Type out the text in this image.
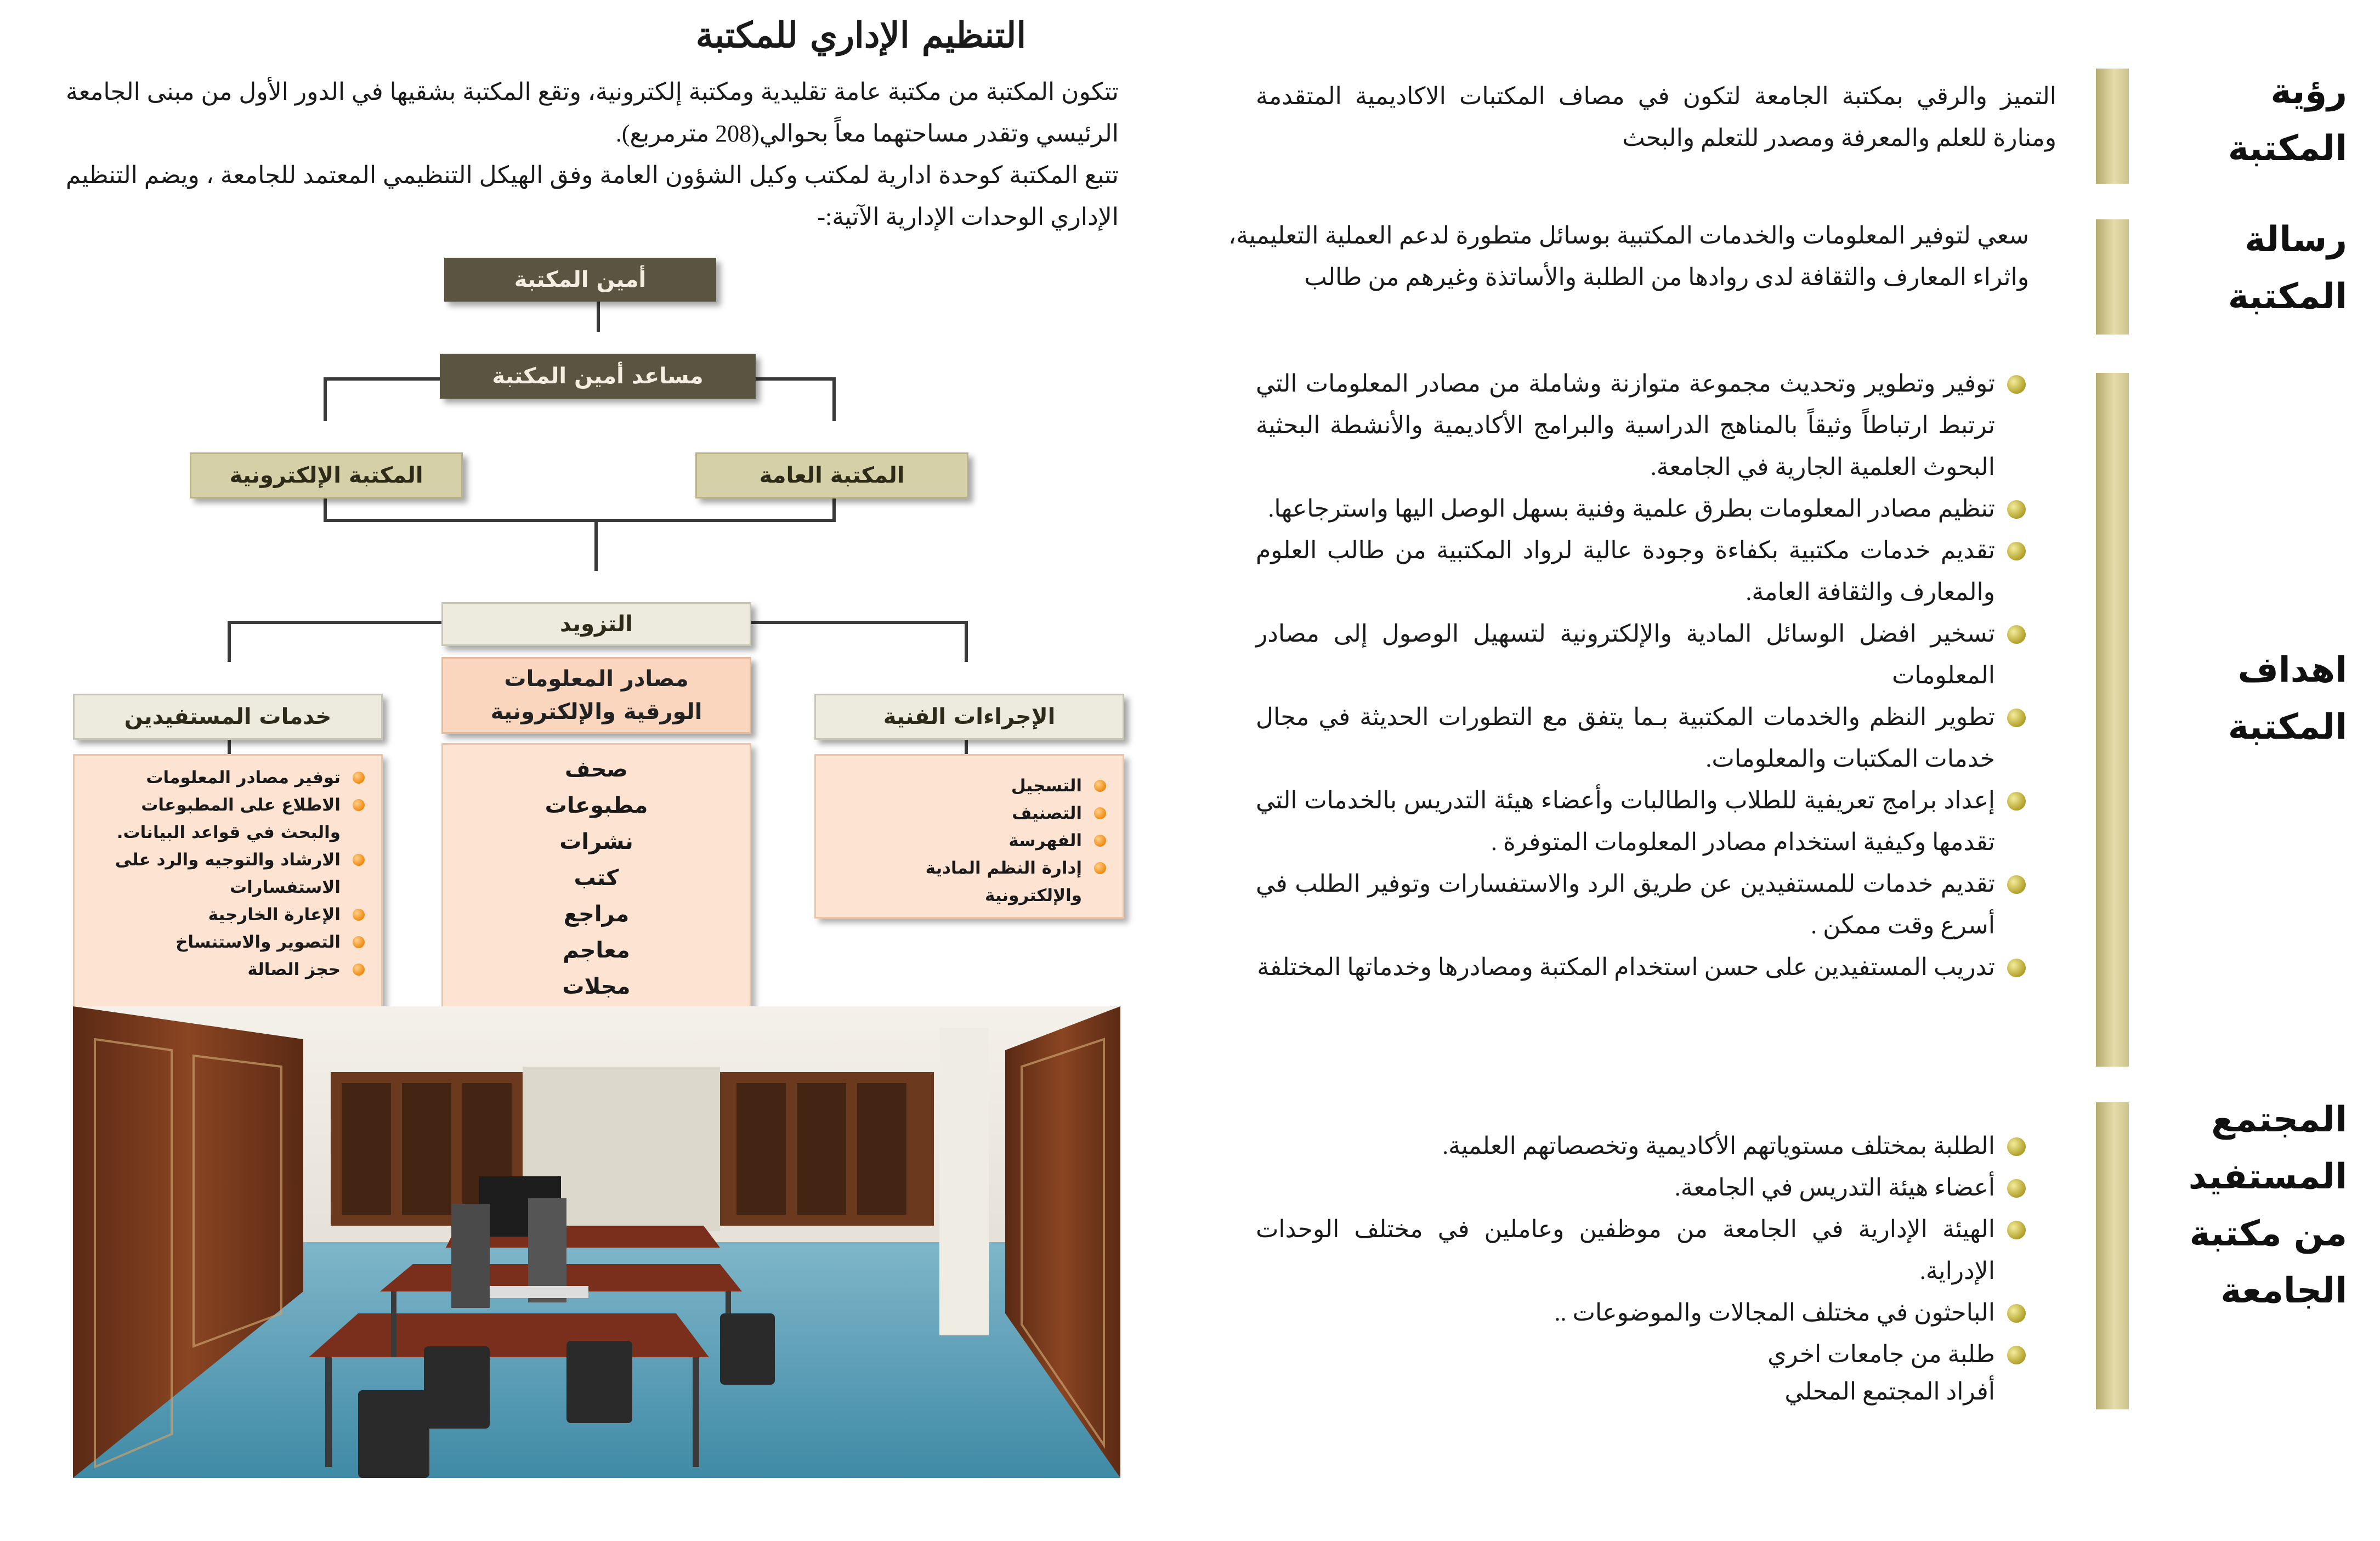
التنظيم الإداري للمكتبة

تتكون المكتبة من مكتبة عامة تقليدية ومكتبة إلكترونية، وتقع المكتبة بشقيها في الدور الأول من مبنى الجامعة الرئيسي وتقدر مساحتهما معاً بحوالي(208 مترمربع).

تتبع المكتبة كوحدة ادارية لمكتب وكيل الشؤون العامة وفق الهيكل التنظيمي المعتمد للجامعة ، ويضم التنظيم الإداري الوحدات الإدارية الآتية:-

أمين المكتبة
مساعد أمين المكتبة
المكتبة الإلكترونية	المكتبة العامة
التزويد
خدمات المستفيدين	الإجراءات الفنية
مصادر المعلومات
الورقية والإلكترونية
توفير مصادر المعلومات
الاطلاع على المطبوعات
والبحث في قواعد البيانات.
الارشاد والتوجيه والرد على
الاستفسارات
الإعارة الخارجية
التصوير والاستنساخ
حجز الصالة
صحف
مطبوعات
نشرات
كتب
مراجع
معاجم
مجلات
التسجيل
التصنيف
الفهرسة
إدارة النظم المادية
والإلكترونية
رؤية
المكتبة
التميز والرقي بمكتبة الجامعة لتكون في مصاف المكتبات الاكاديمية المتقدمة ومنارة للعلم والمعرفة ومصدر للتعلم والبحث
رسالة
المكتبة
سعي لتوفير المعلومات والخدمات المكتبية بوسائل متطورة لدعم العملية التعليمية، واثراء المعارف والثقافة لدى روادها من الطلبة والأساتذة وغيرهم من طالب
اهداف
المكتبة
توفير وتطوير وتحديث مجموعة متوازنة وشاملة من مصادر المعلومات التي ترتبط ارتباطاً وثيقاً بالمناهج الدراسية والبرامج الأكاديمية والأنشطة البحثية البحوث العلمية الجارية في الجامعة.
تنظيم مصادر المعلومات بطرق علمية وفنية بسهل الوصل اليها واسترجاعها.
تقديم خدمات مكتبية بكفاءة وجودة عالية لرواد المكتبية من طالب العلوم والمعارف والثقافة العامة.
تسخير افضل الوسائل المادية والإلكترونية لتسهيل الوصول إلى مصادر المعلومات
تطوير النظم والخدمات المكتبية بـما يتفق مع التطورات الحديثة في مجال خدمات المكتبات والمعلومات.
إعداد برامج تعريفية للطلاب والطالبات وأعضاء هيئة التدريس بالخدمات التي تقدمها وكيفية استخدام مصادر المعلومات المتوفرة .
تقديم خدمات للمستفيدين عن طريق الرد والاستفسارات وتوفير الطلب في أسرع وقت ممكن .
تدريب المستفيدين على حسن استخدام المكتبة ومصادرها وخدماتها المختلفة
المجتمع
المستفيد
من مكتبة
الجامعة
الطلبة بمختلف مستوياتهم الأكاديمية وتخصصاتهم العلمية.
أعضاء هيئة التدريس في الجامعة.
الهيئة الإدارية في الجامعة من موظفين وعاملين في مختلف الوحدات الإدراية.
الباحثون في مختلف المجالات والموضوعات ..
طلبة من جامعات اخري
أفراد المجتمع المحلي
